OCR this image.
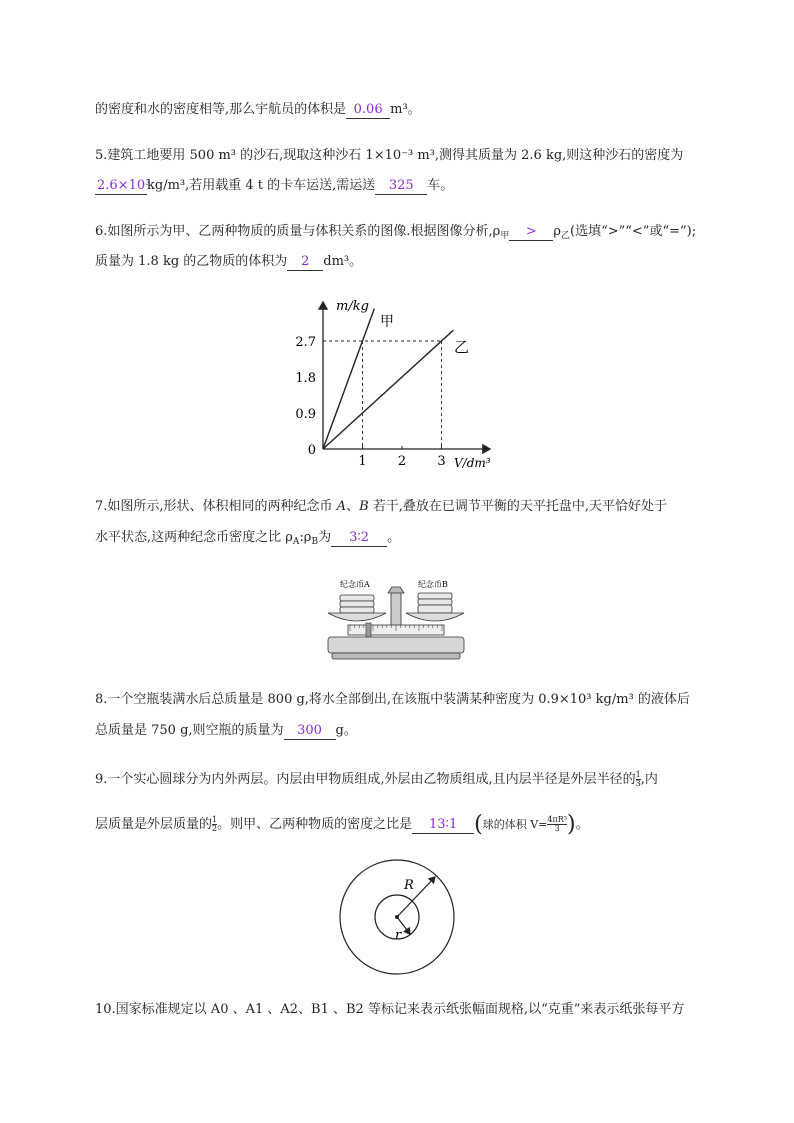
的密度和水的密度相等,那么宇航员的体积是 0.06 m³。
5.建筑工地要用 500 m³ 的沙石,现取这种沙石 1×10⁻³ m³,测得其质量为 2.6 kg,则这种沙石的密度为
2.6×10³kg/m³,若用载重 4 t 的卡车运送,需运送 325 车。
6.如图所示为甲、乙两种物质的质量与体积关系的图像.根据图像分析$,\rho_甲 > \rho_乙$(选填“>”“<”或“=”);
质量为 1.8 kg 的乙物质的体积为 2 dm³。
1 2 3
0.9
1.8
2.7
0
m/kg
V/dm³
甲
乙
7.如图所示,形状、体积相同的两种纪念币 A、B 若干,叠放在已调节平衡的天平托盘中,天平恰好处于
水平状态,这两种纪念币密度之比 $\rho_A:\rho_B$为 3∶2 。
纪念币A	纪念币B
8.一个空瓶装满水后总质量是 800 g,将水全部倒出,在该瓶中装满某种密度为 0.9×10³ kg/m³ 的液体后
总质量是 750 g,则空瓶的质量为 300 g。
9.一个实心圆球分为内外两层。内层由甲物质组成,外层由乙物质组成,且内层半径是外层半径的 $\frac{1}{3}$ ,内
层质量是外层质量的 $\frac{1}{2}$ 。则甲、乙两种物质的密度之比是 13∶1 (球的体积 $V= \frac{\text{4πR³}}{3}$ )。
R
r
10.国家标准规定以 A0 、A1 、A2、B1 、B2 等标记来表示纸张幅面规格,以“克重”来表示纸张每平方
